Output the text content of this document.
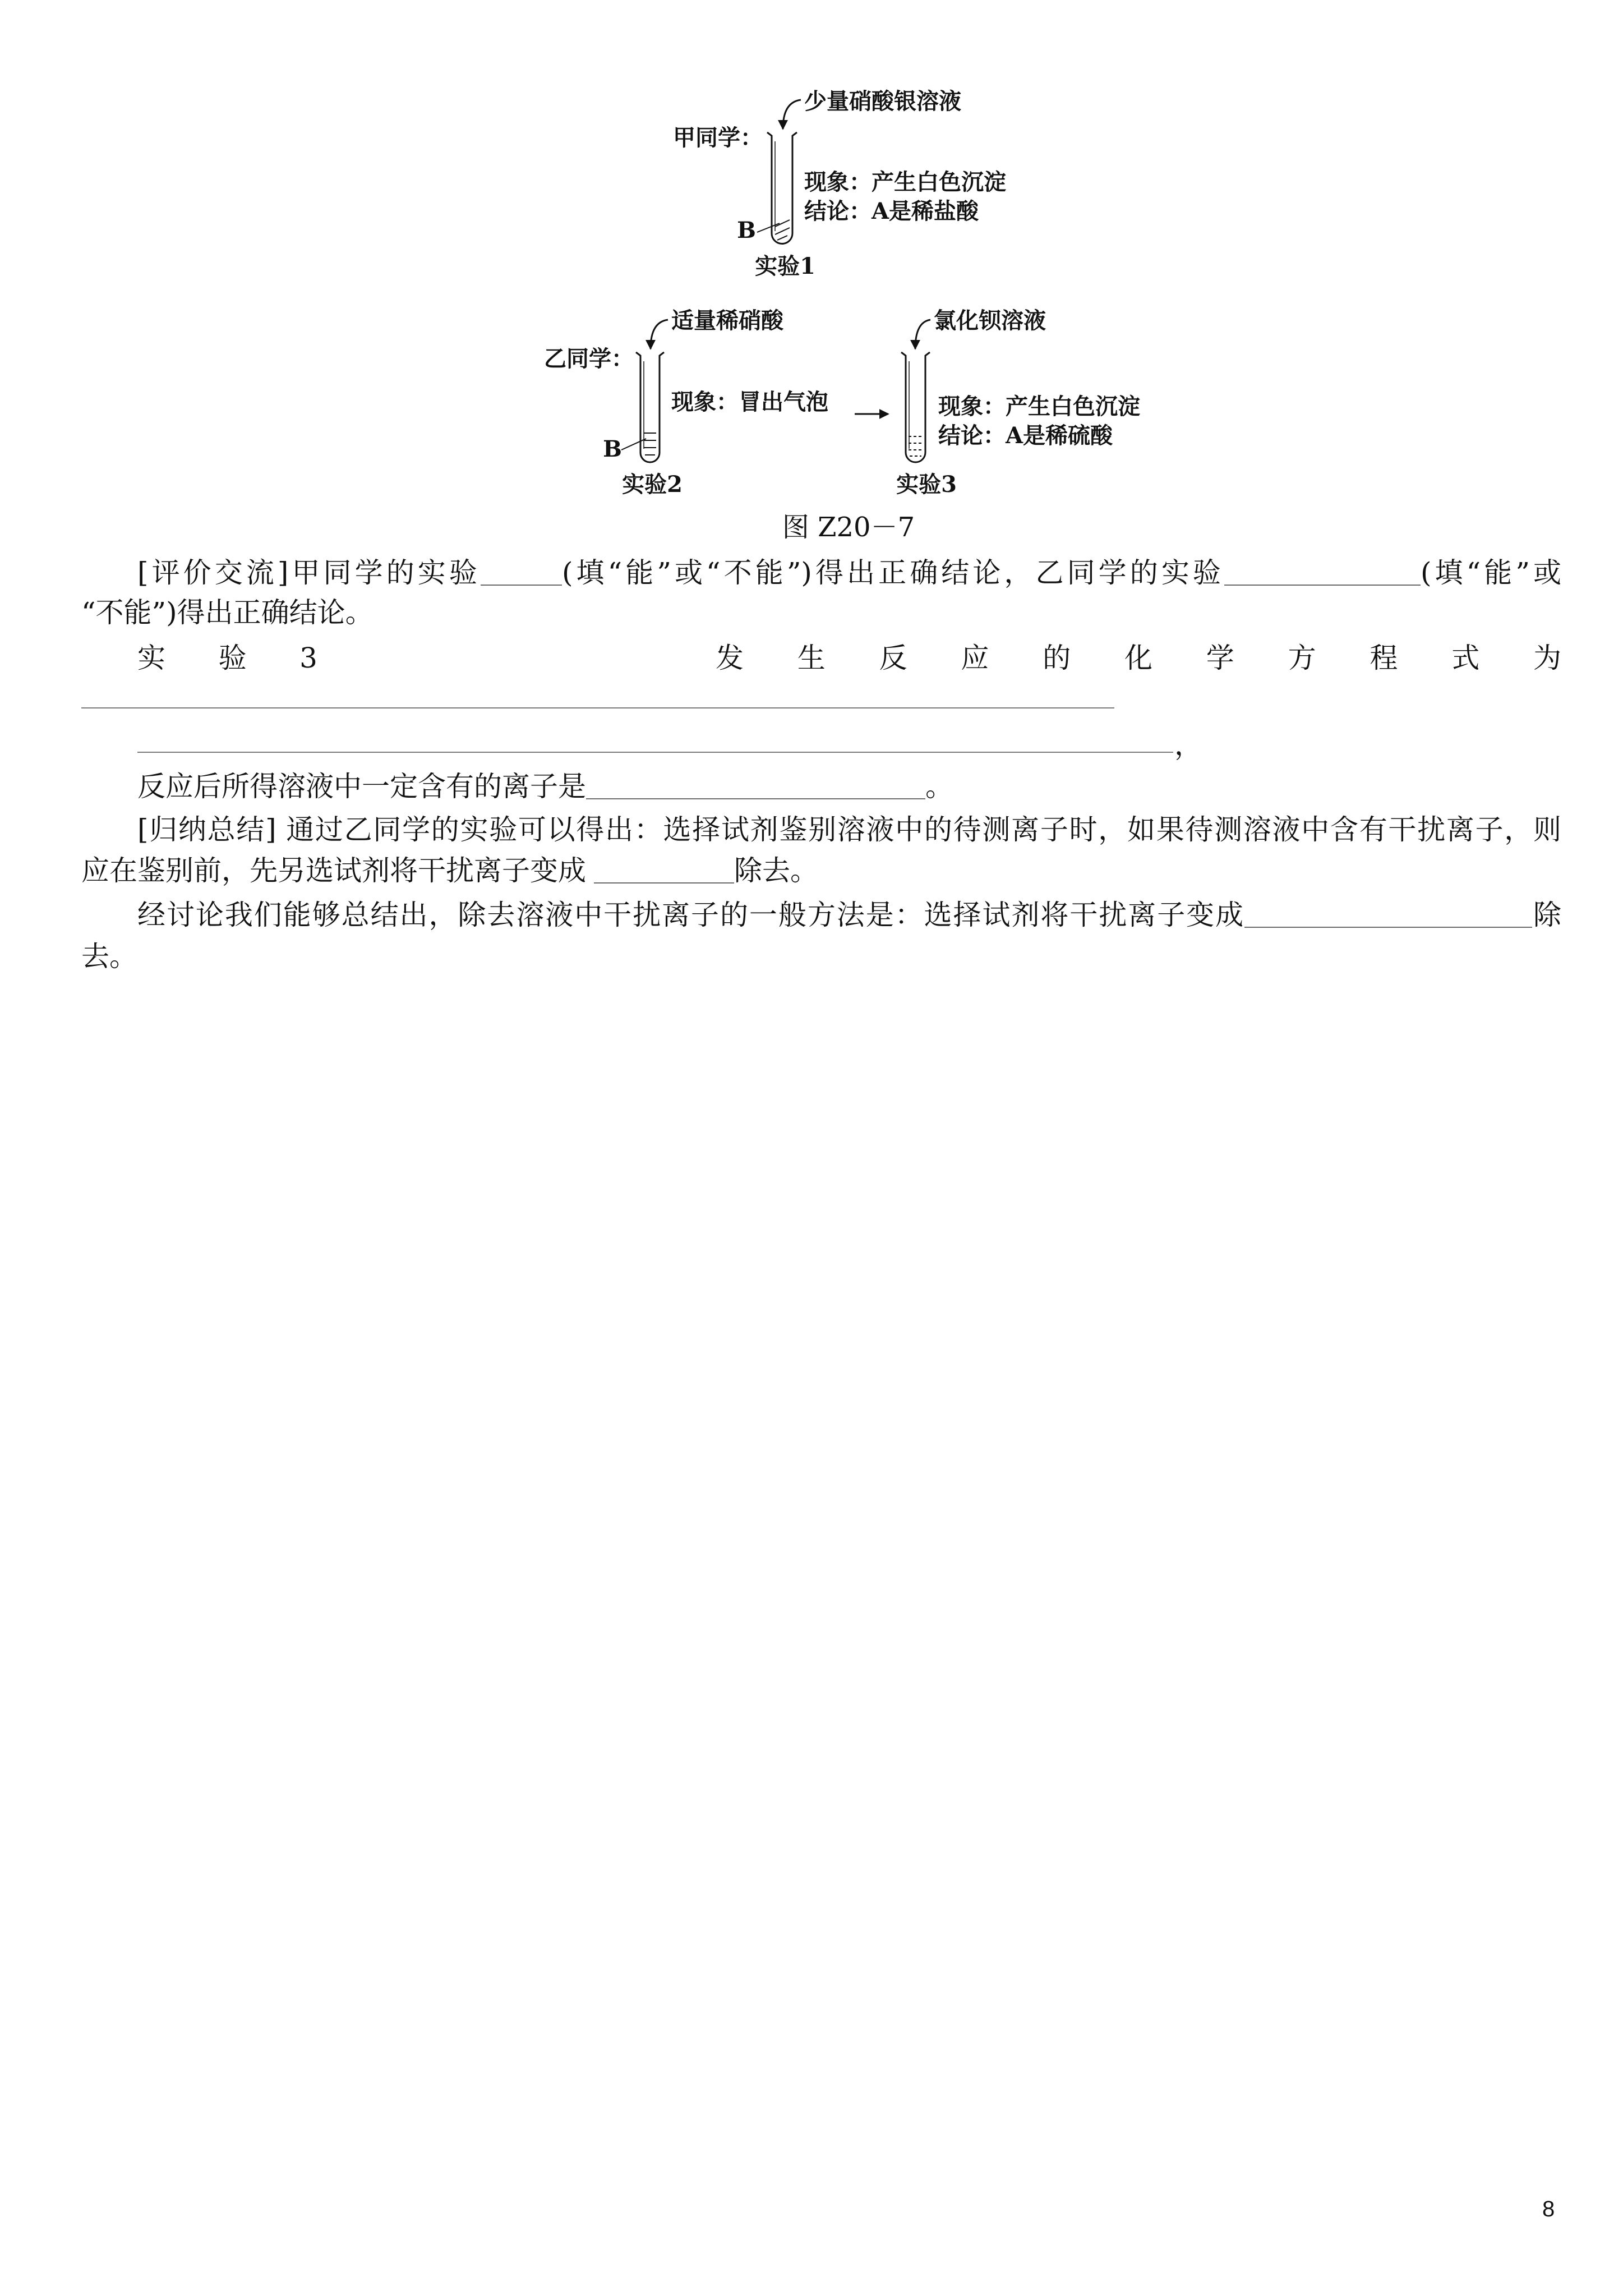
少量硝酸银溶液
甲同学：
B
现象：产生白色沉淀
结论：A是稀盐酸
实验1
适量稀硝酸
乙同学：
B
现象：冒出气泡
实验2
氯化钡溶液
现象：产生白色沉淀
结论：A是稀硫酸
实验3
图 Z20－7
[评价交流]甲同学的实验	(填“能”或“不能”)得出正确结论，乙同学的实验	(填“能”或
“不能”)得出正确结论。
实验3	发生反应的化学方程式为
，
反应后所得溶液中一定含有的离子是	。
[归纳总结] 通过乙同学的实验可以得出：选择试剂鉴别溶液中的待测离子时，如果待测溶液中含有干扰离子，则
应在鉴别前，先另选试剂将干扰离子变成	除去。
经讨论我们能够总结出，除去溶液中干扰离子的一般方法是：选择试剂将干扰离子变成	除
去。
8
